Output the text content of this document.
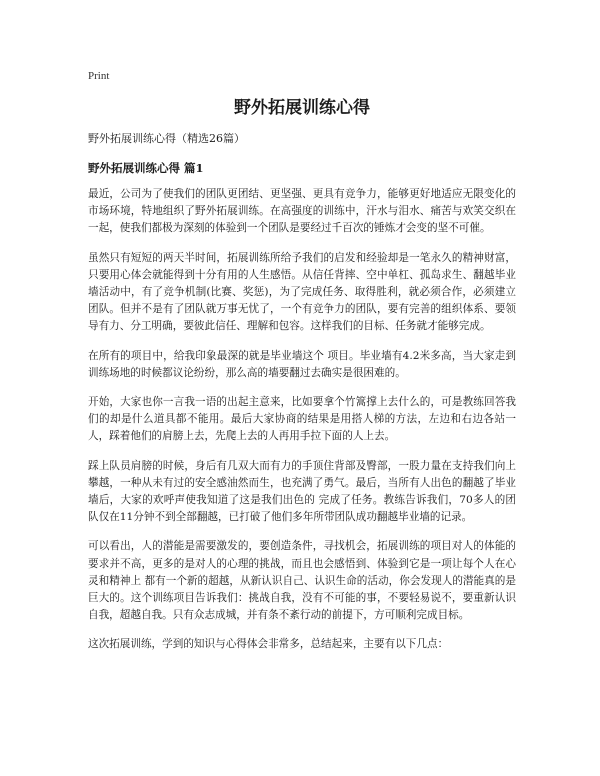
Print
野外拓展训练心得
野外拓展训练心得（精选26篇）
野外拓展训练心得 篇1

最近，公司为了使我们的团队更团结、更坚强、更具有竞争力，能够更好地适应无限变化的市场环境，特地组织了野外拓展训练。在高强度的训练中，汗水与泪水、痛苦与欢笑交织在一起，使我们都极为深刻的体验到一个团队是要经过千百次的锤炼才会变的坚不可催。

虽然只有短短的两天半时间，拓展训练所给予我们的启发和经验却是一笔永久的精神财富，只要用心体会就能得到十分有用的人生感悟。从信任背摔、空中单杠、孤岛求生、翻越毕业墙活动中，有了竞争机制(比赛、奖惩)，为了完成任务、取得胜利，就必须合作，必须建立团队。但并不是有了团队就万事无忧了，一个有竞争力的团队，要有完善的组织体系、要领导有力、分工明确，要彼此信任、理解和包容。这样我们的目标、任务就才能够完成。

在所有的项目中，给我印象最深的就是毕业墙这个 项目。毕业墙有4.2米多高，当大家走到训练场地的时候都议论纷纷，那么高的墙要翻过去确实是很困难的。

开始，大家也你一言我一语的出起主意来，比如要拿个竹篙撑上去什么的，可是教练回答我们的却是什么道具都不能用。最后大家协商的结果是用搭人梯的方法，左边和右边各站一人，踩着他们的肩膀上去，先爬上去的人再用手拉下面的人上去。

踩上队员肩膀的时候，身后有几双大而有力的手顶住背部及臀部，一股力量在支持我们向上攀越，一种从未有过的安全感油然而生，也充满了勇气。最后，当所有人出色的翻越了毕业墙后，大家的欢呼声使我知道了这是我们出色的 完成了任务。教练告诉我们，70多人的团队仅在11分钟不到全部翻越，已打破了他们多年所带团队成功翻越毕业墙的记录。

可以看出，人的潜能是需要激发的，要创造条件，寻找机会，拓展训练的项目对人的体能的要求并不高，更多的是对人的心理的挑战，而且也会感悟到、体验到它是一项让每个人在心灵和精神上 都有一个新的超越，从新认识自己、认识生命的活动，你会发现人的潜能真的是巨大的。这个训练项目告诉我们：挑战自我，没有不可能的事，不要轻易说不，要重新认识自我，超越自我。只有众志成城，并有条不紊行动的前提下，方可顺利完成目标。

这次拓展训练，学到的知识与心得体会非常多，总结起来，主要有以下几点：
